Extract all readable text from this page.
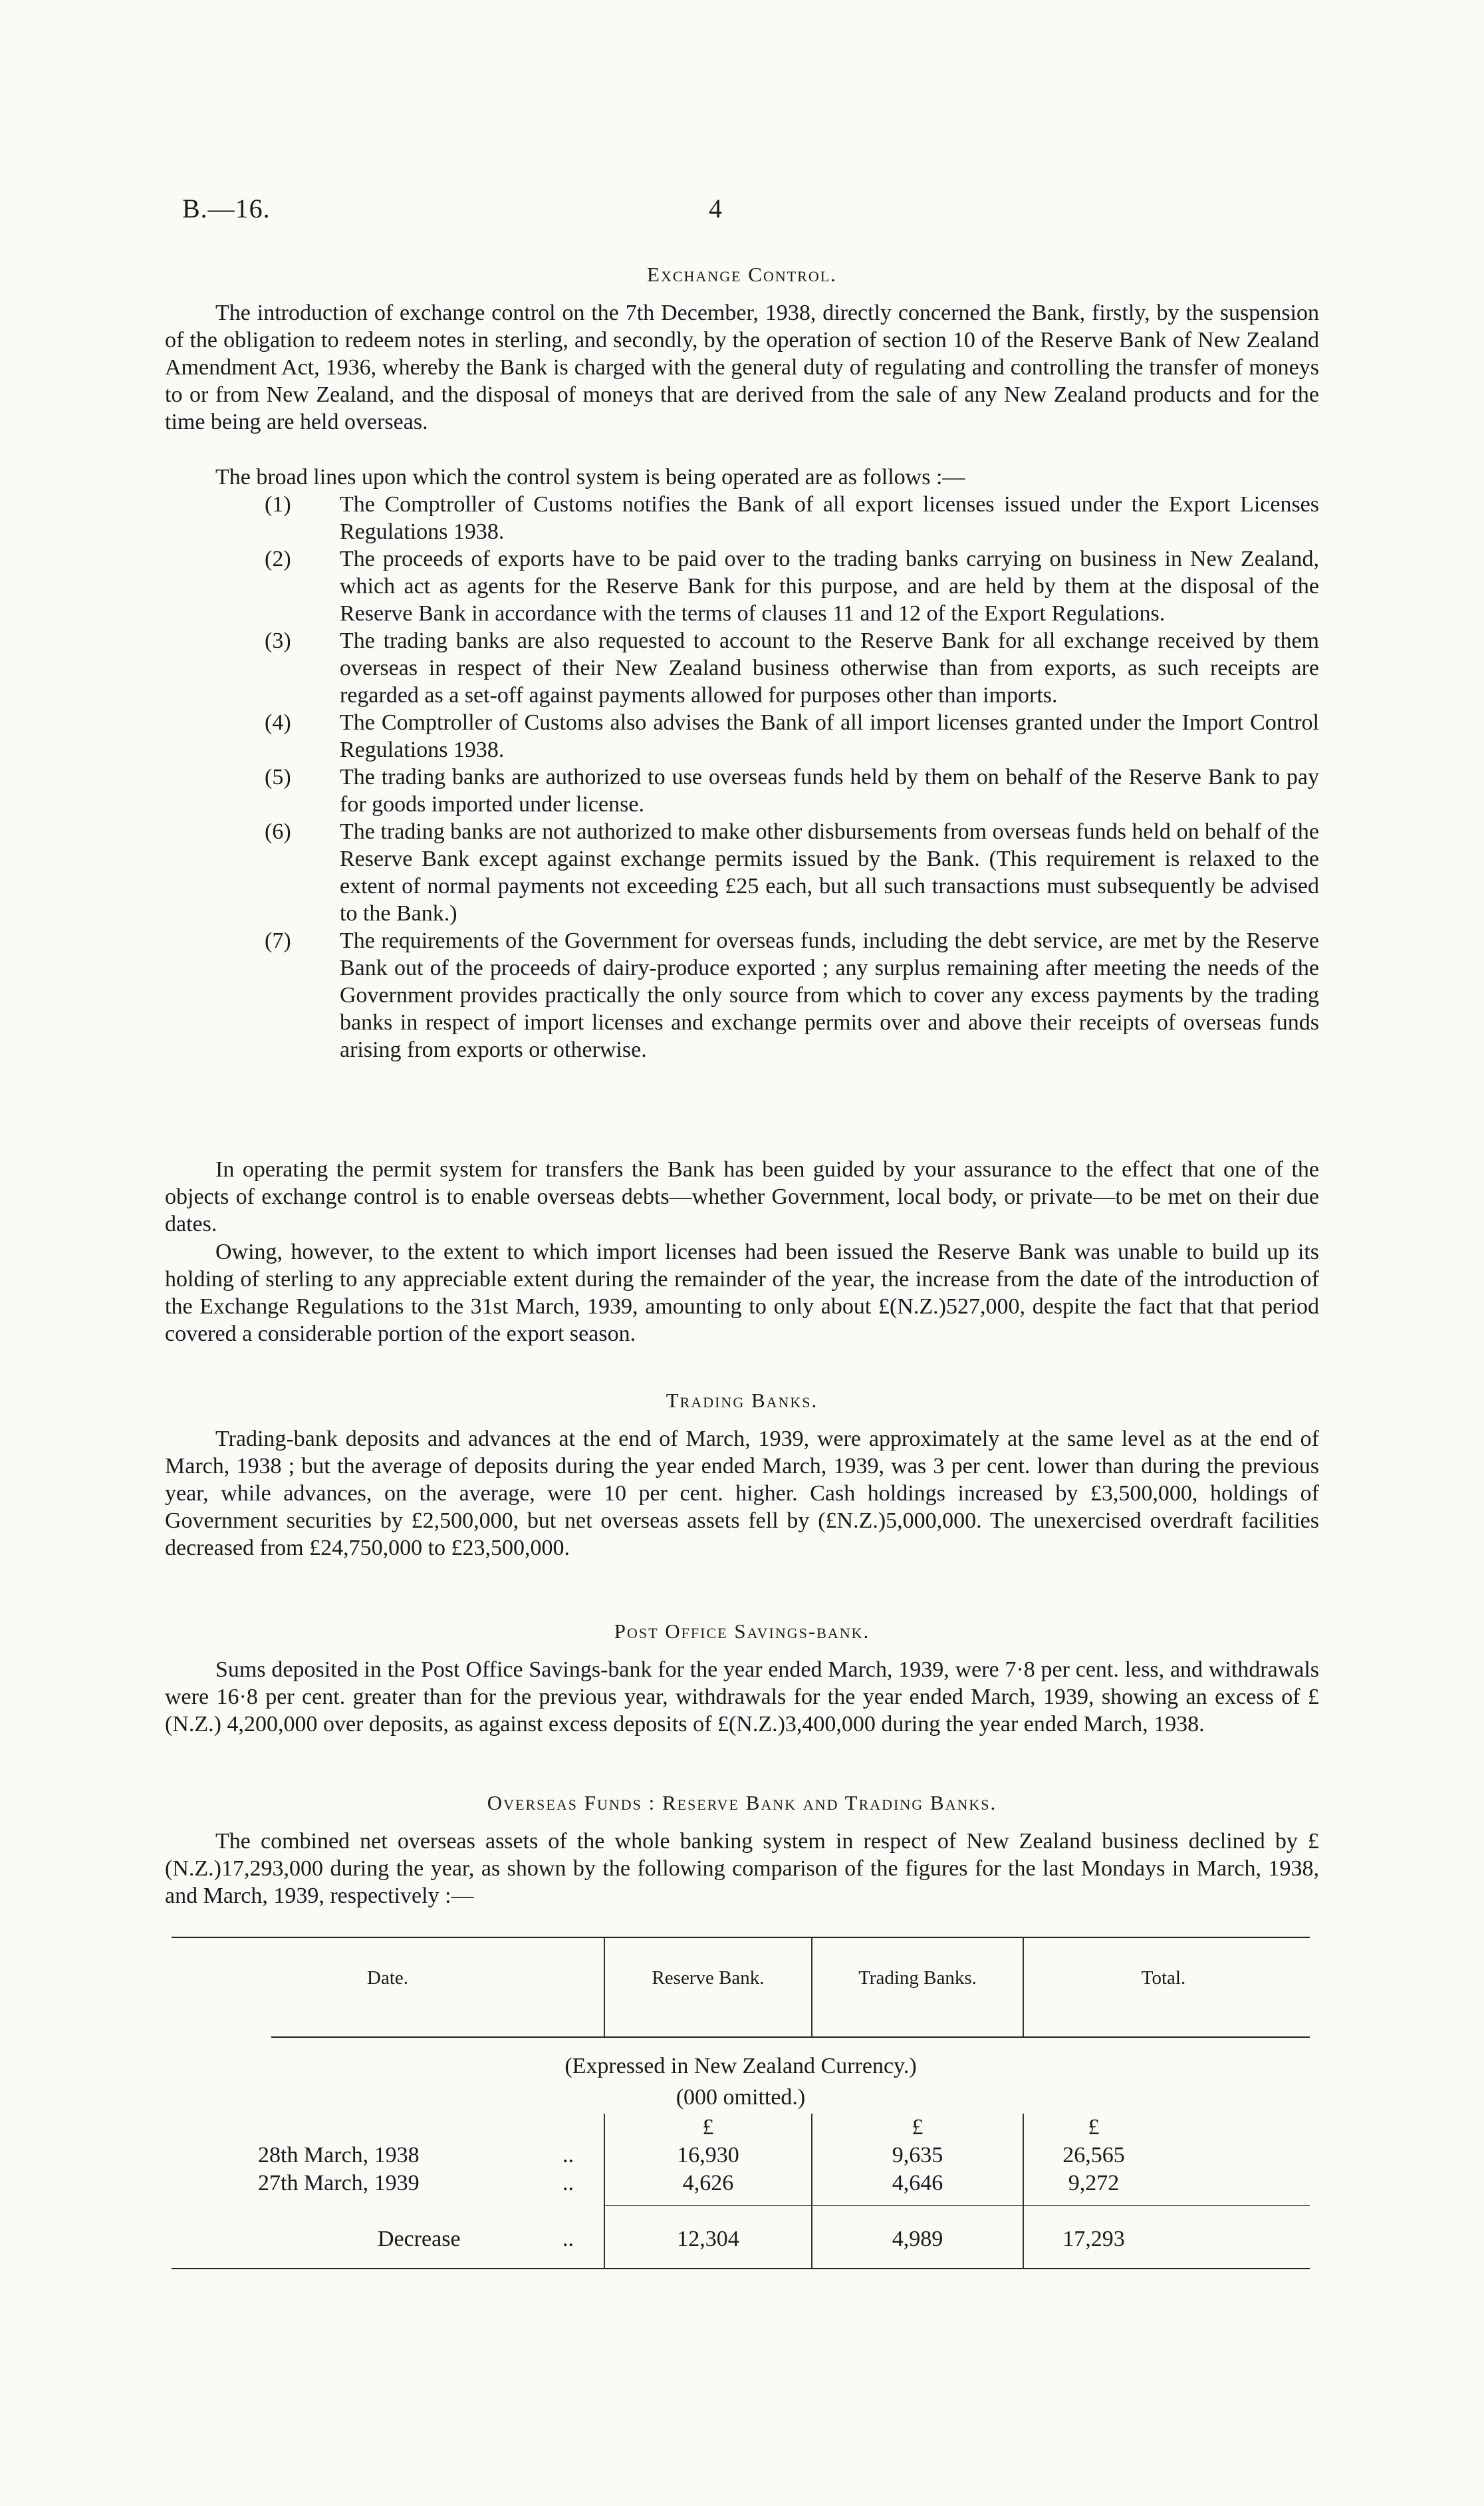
B.—16.	4
Exchange Control.

The introduction of exchange control on the 7th December, 1938, directly concerned the Bank, firstly, by the suspension of the obligation to redeem notes in sterling, and secondly, by the operation of section 10 of the Reserve Bank of New Zealand Amendment Act, 1936, whereby the Bank is charged with the general duty of regulating and controlling the transfer of moneys to or from New Zealand, and the disposal of moneys that are derived from the sale of any New Zealand products and for the time being are held overseas.

The broad lines upon which the control system is being operated are as follows :—

(1) The Comptroller of Customs notifies the Bank of all export licenses issued under the Export Licenses Regulations 1938.
(2) The proceeds of exports have to be paid over to the trading banks carrying on business in New Zealand, which act as agents for the Reserve Bank for this purpose, and are held by them at the disposal of the Reserve Bank in accordance with the terms of clauses 11 and 12 of the Export Regulations.
(3) The trading banks are also requested to account to the Reserve Bank for all exchange received by them overseas in respect of their New Zealand business otherwise than from exports, as such receipts are regarded as a set-off against payments allowed for purposes other than imports.
(4) The Comptroller of Customs also advises the Bank of all import licenses granted under the Import Control Regulations 1938.
(5) The trading banks are authorized to use overseas funds held by them on behalf of the Reserve Bank to pay for goods imported under license.
(6) The trading banks are not authorized to make other disbursements from overseas funds held on behalf of the Reserve Bank except against exchange permits issued by the Bank. (This requirement is relaxed to the extent of normal payments not exceeding £25 each, but all such transactions must subsequently be advised to the Bank.)
(7) The requirements of the Government for overseas funds, including the debt service, are met by the Reserve Bank out of the proceeds of dairy-produce exported ; any surplus remaining after meeting the needs of the Government provides practically the only source from which to cover any excess payments by the trading banks in respect of import licenses and exchange permits over and above their receipts of overseas funds arising from exports or otherwise.

In operating the permit system for transfers the Bank has been guided by your assurance to the effect that one of the objects of exchange control is to enable overseas debts—whether Government, local body, or private—to be met on their due dates.

Owing, however, to the extent to which import licenses had been issued the Reserve Bank was unable to build up its holding of sterling to any appreciable extent during the remainder of the year, the increase from the date of the introduction of the Exchange Regulations to the 31st March, 1939, amounting to only about £(N.Z.)527,000, despite the fact that that period covered a considerable portion of the export season.

Trading Banks.

Trading-bank deposits and advances at the end of March, 1939, were approximately at the same level as at the end of March, 1938 ; but the average of deposits during the year ended March, 1939, was 3 per cent. lower than during the previous year, while advances, on the average, were 10 per cent. higher. Cash holdings increased by £3,500,000, holdings of Government securities by £2,500,000, but net overseas assets fell by (£N.Z.)5,000,000. The unexercised overdraft facilities decreased from £24,750,000 to £23,500,000.

Post Office Savings-bank.

Sums deposited in the Post Office Savings-bank for the year ended March, 1939, were 7·8 per cent. less, and withdrawals were 16·8 per cent. greater than for the previous year, withdrawals for the year ended March, 1939, showing an excess of £(N.Z.) 4,200,000 over deposits, as against excess deposits of £(N.Z.)3,400,000 during the year ended March, 1938.

Overseas Funds : Reserve Bank and Trading Banks.

The combined net overseas assets of the whole banking system in respect of New Zealand business declined by £(N.Z.)17,293,000 during the year, as shown by the following comparison of the figures for the last Mondays in March, 1938, and March, 1939, respectively :—

Date.	Reserve Bank.	Trading Banks.	Total.
(Expressed in New Zealand Currency.)
(000 omitted.)
£	£	£
28th March, 1938	..	16,930	9,635	26,565
27th March, 1939	..	4,626	4,646	9,272
Decrease	..	12,304	4,989	17,293
